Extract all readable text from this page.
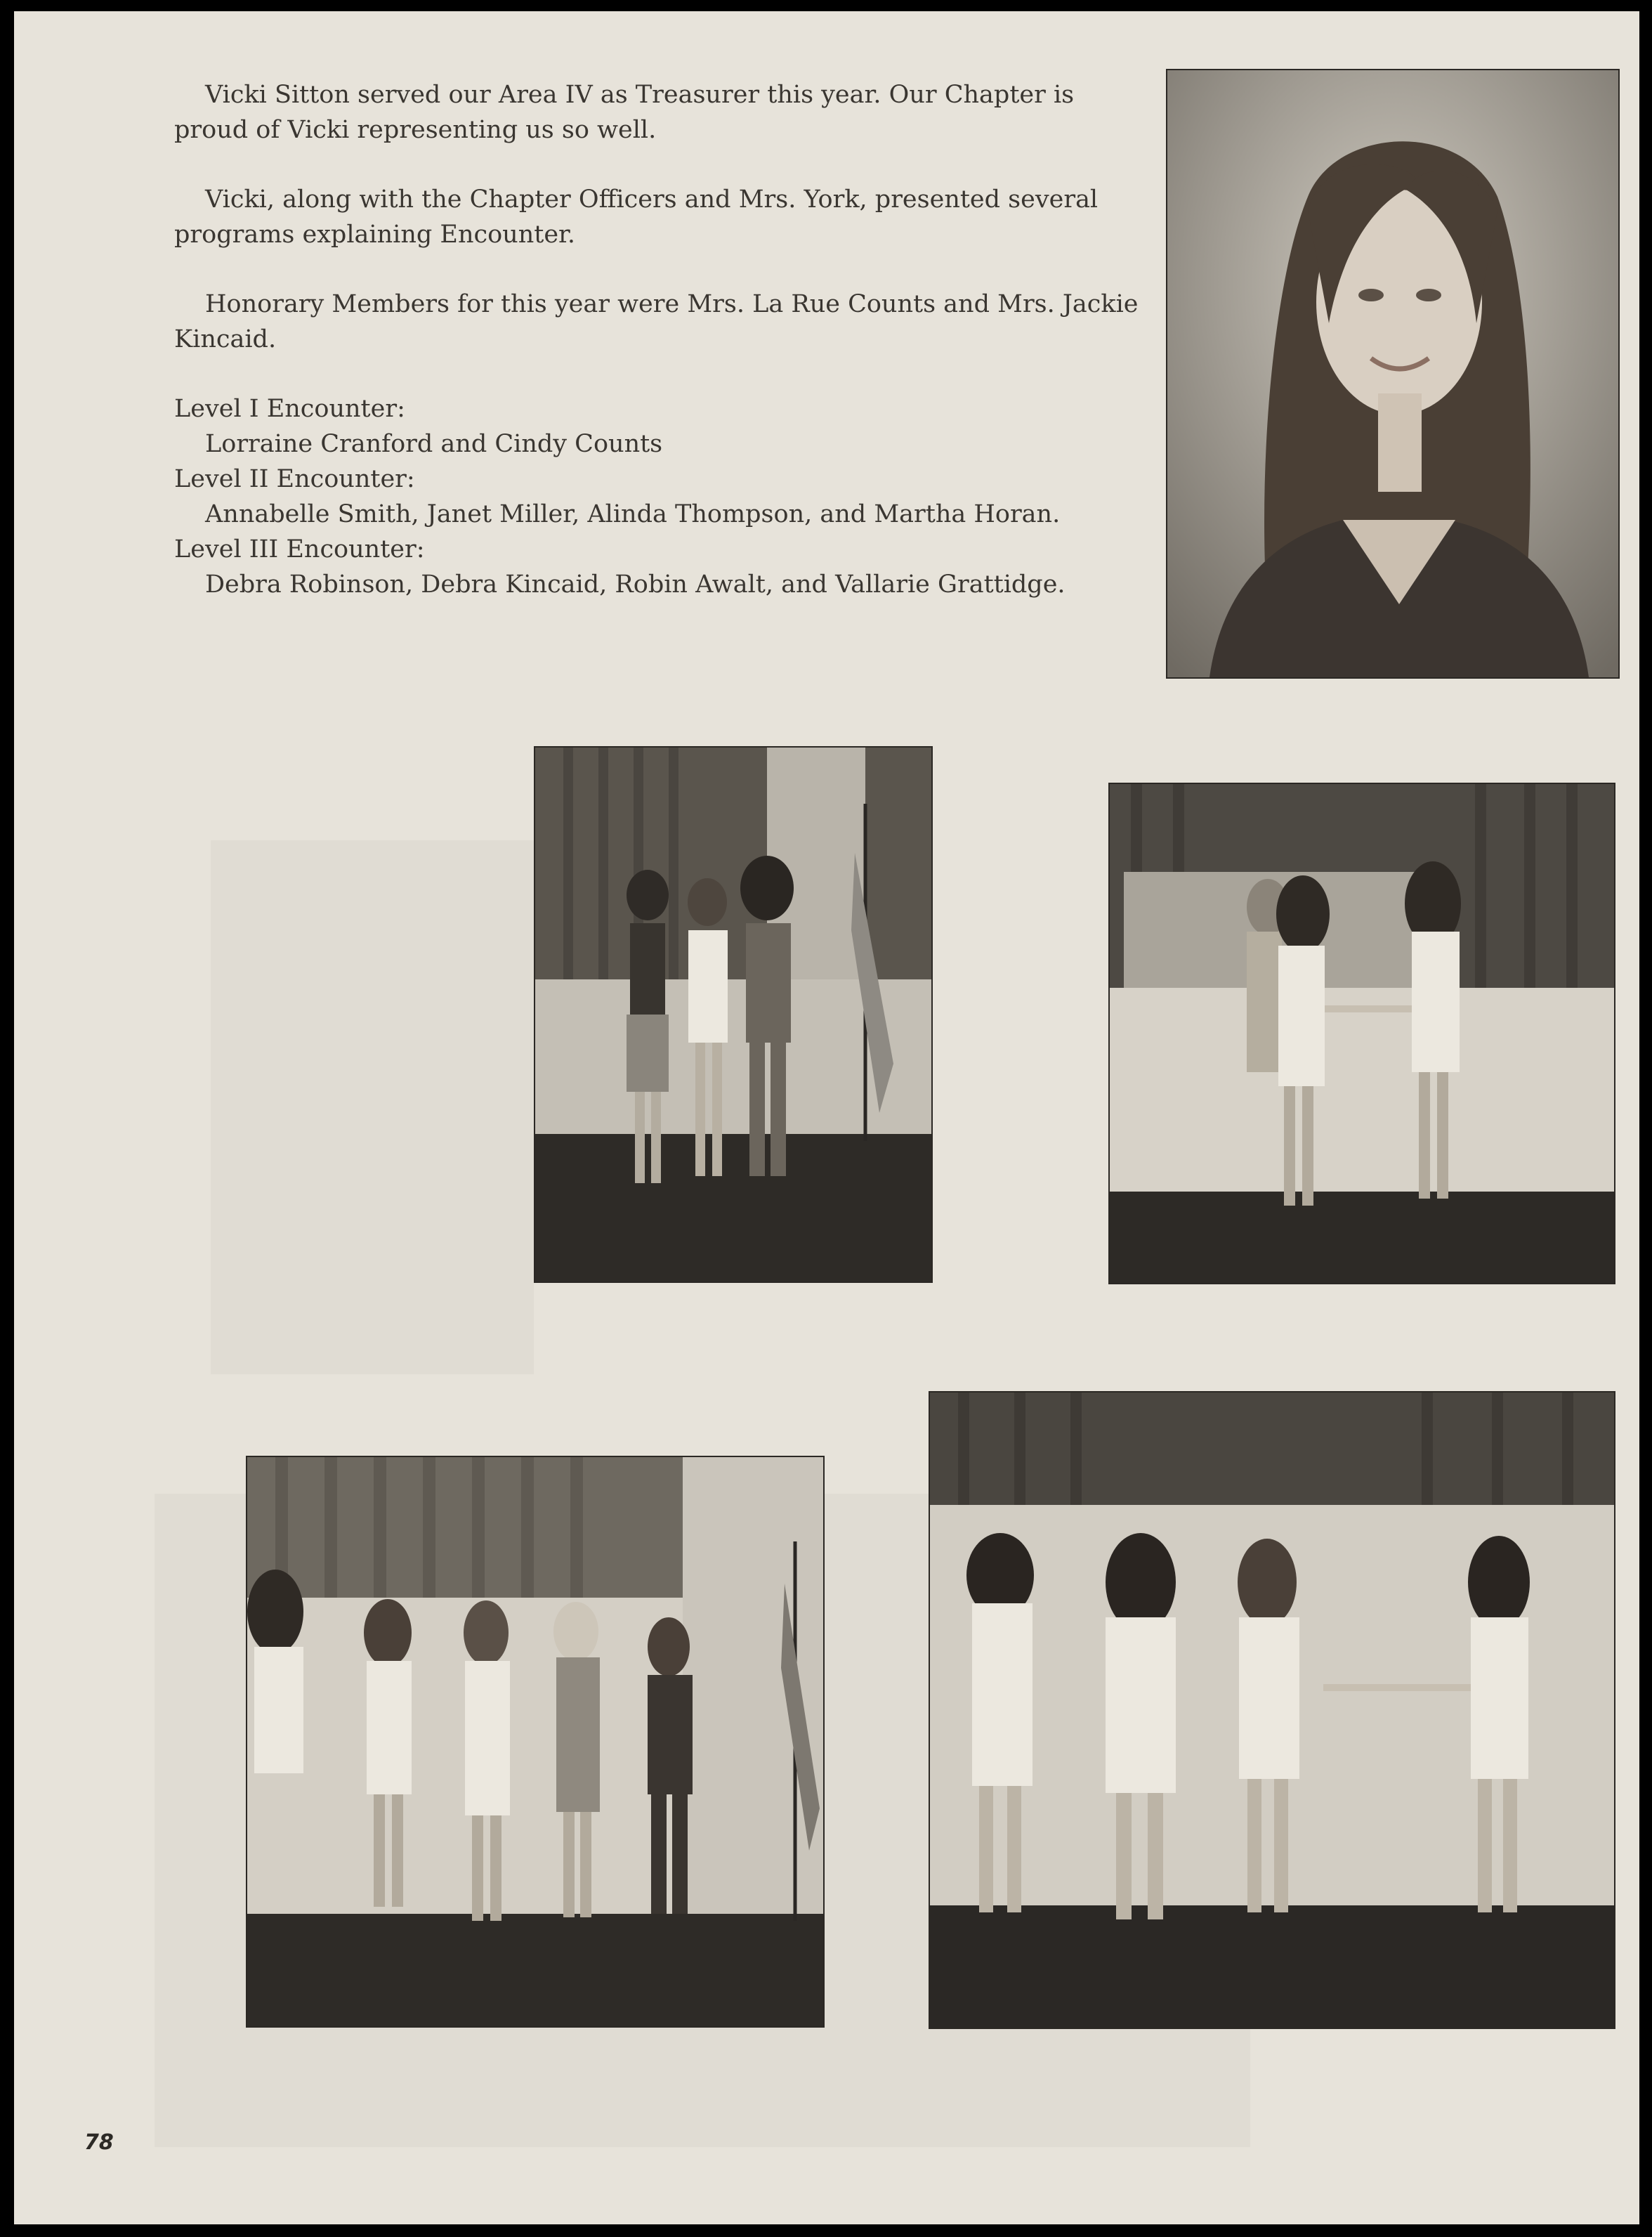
Vicki Sitton served our Area IV as Treasurer this year. Our Chapter is proud of Vicki representing us so well.

Vicki, along with the Chapter Officers and Mrs. York, presented several programs explaining Encounter.

Honorary Members for this year were Mrs. La Rue Counts and Mrs. Jackie Kincaid.

Level I Encounter:

Lorraine Cranford and Cindy Counts

Level II Encounter:

Annabelle Smith, Janet Miller, Alinda Thompson, and Martha Horan.

Level III Encounter:

Debra Robinson, Debra Kincaid, Robin Awalt, and Vallarie Grattidge.

78
